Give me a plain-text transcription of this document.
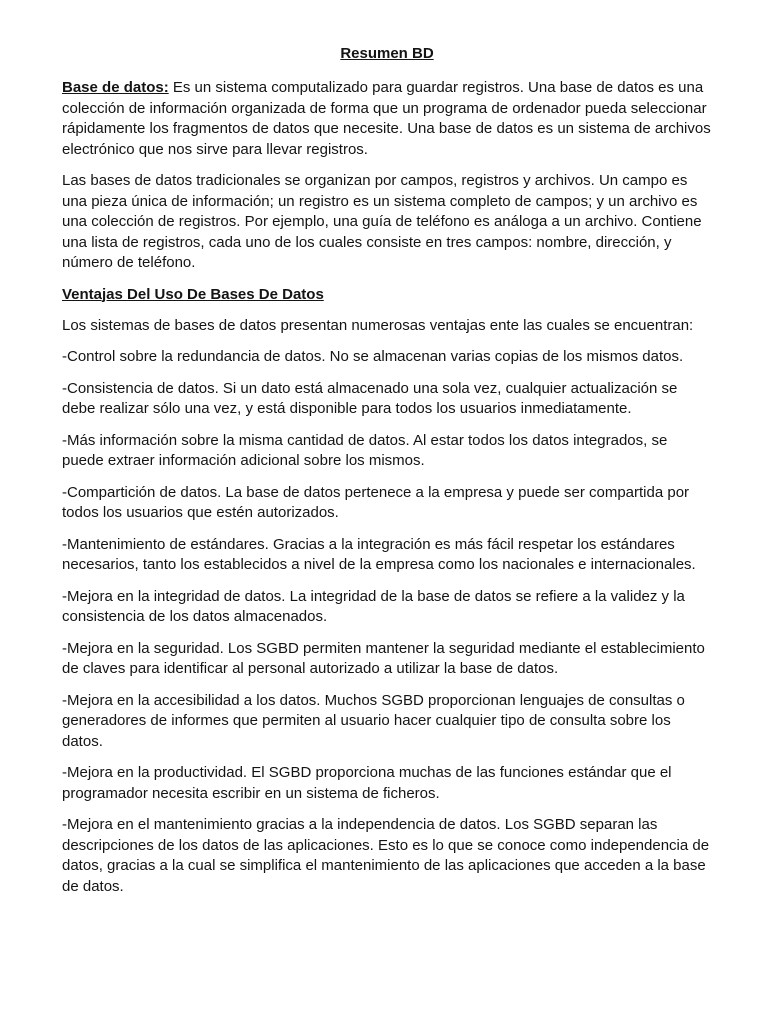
Resumen BD

Base de datos: Es un sistema computalizado para guardar registros. Una base de datos es una colección de información organizada de forma que un programa de ordenador pueda seleccionar rápidamente los fragmentos de datos que necesite. Una base de datos es un sistema de archivos electrónico que nos sirve para llevar registros.

Las bases de datos tradicionales se organizan por campos, registros y archivos. Un campo es una pieza única de información; un registro es un sistema completo de campos; y un archivo es una colección de registros. Por ejemplo, una guía de teléfono es análoga a un archivo. Contiene una lista de registros, cada uno de los cuales consiste en tres campos: nombre, dirección, y número de teléfono.

Ventajas Del Uso De Bases De Datos

Los sistemas de bases de datos presentan numerosas ventajas ente las cuales se encuentran:

-Control sobre la redundancia de datos. No se almacenan varias copias de los mismos datos.

-Consistencia de datos. Si un dato está almacenado una sola vez, cualquier actualización se debe realizar sólo una vez, y está disponible para todos los usuarios inmediatamente.

-Más información sobre la misma cantidad de datos. Al estar todos los datos integrados, se puede extraer información adicional sobre los mismos.

-Compartición de datos. La base de datos pertenece a la empresa y puede ser compartida por todos los usuarios que estén autorizados.

-Mantenimiento de estándares. Gracias a la integración es más fácil respetar los estándares necesarios, tanto los establecidos a nivel de la empresa como los nacionales e internacionales.

-Mejora en la integridad de datos. La integridad de la base de datos se refiere a la validez y la consistencia de los datos almacenados.

-Mejora en la seguridad. Los SGBD permiten mantener la seguridad mediante el establecimiento de claves para identificar al personal autorizado a utilizar la base de datos.

-Mejora en la accesibilidad a los datos. Muchos SGBD proporcionan lenguajes de consultas o generadores de informes que permiten al usuario hacer cualquier tipo de consulta sobre los datos.

-Mejora en la productividad. El SGBD proporciona muchas de las funciones estándar que el programador necesita escribir en un sistema de ficheros.

-Mejora en el mantenimiento gracias a la independencia de datos. Los SGBD separan las descripciones de los datos de las aplicaciones. Esto es lo que se conoce como independencia de datos, gracias a la cual se simplifica el mantenimiento de las aplicaciones que acceden a la base de datos.
